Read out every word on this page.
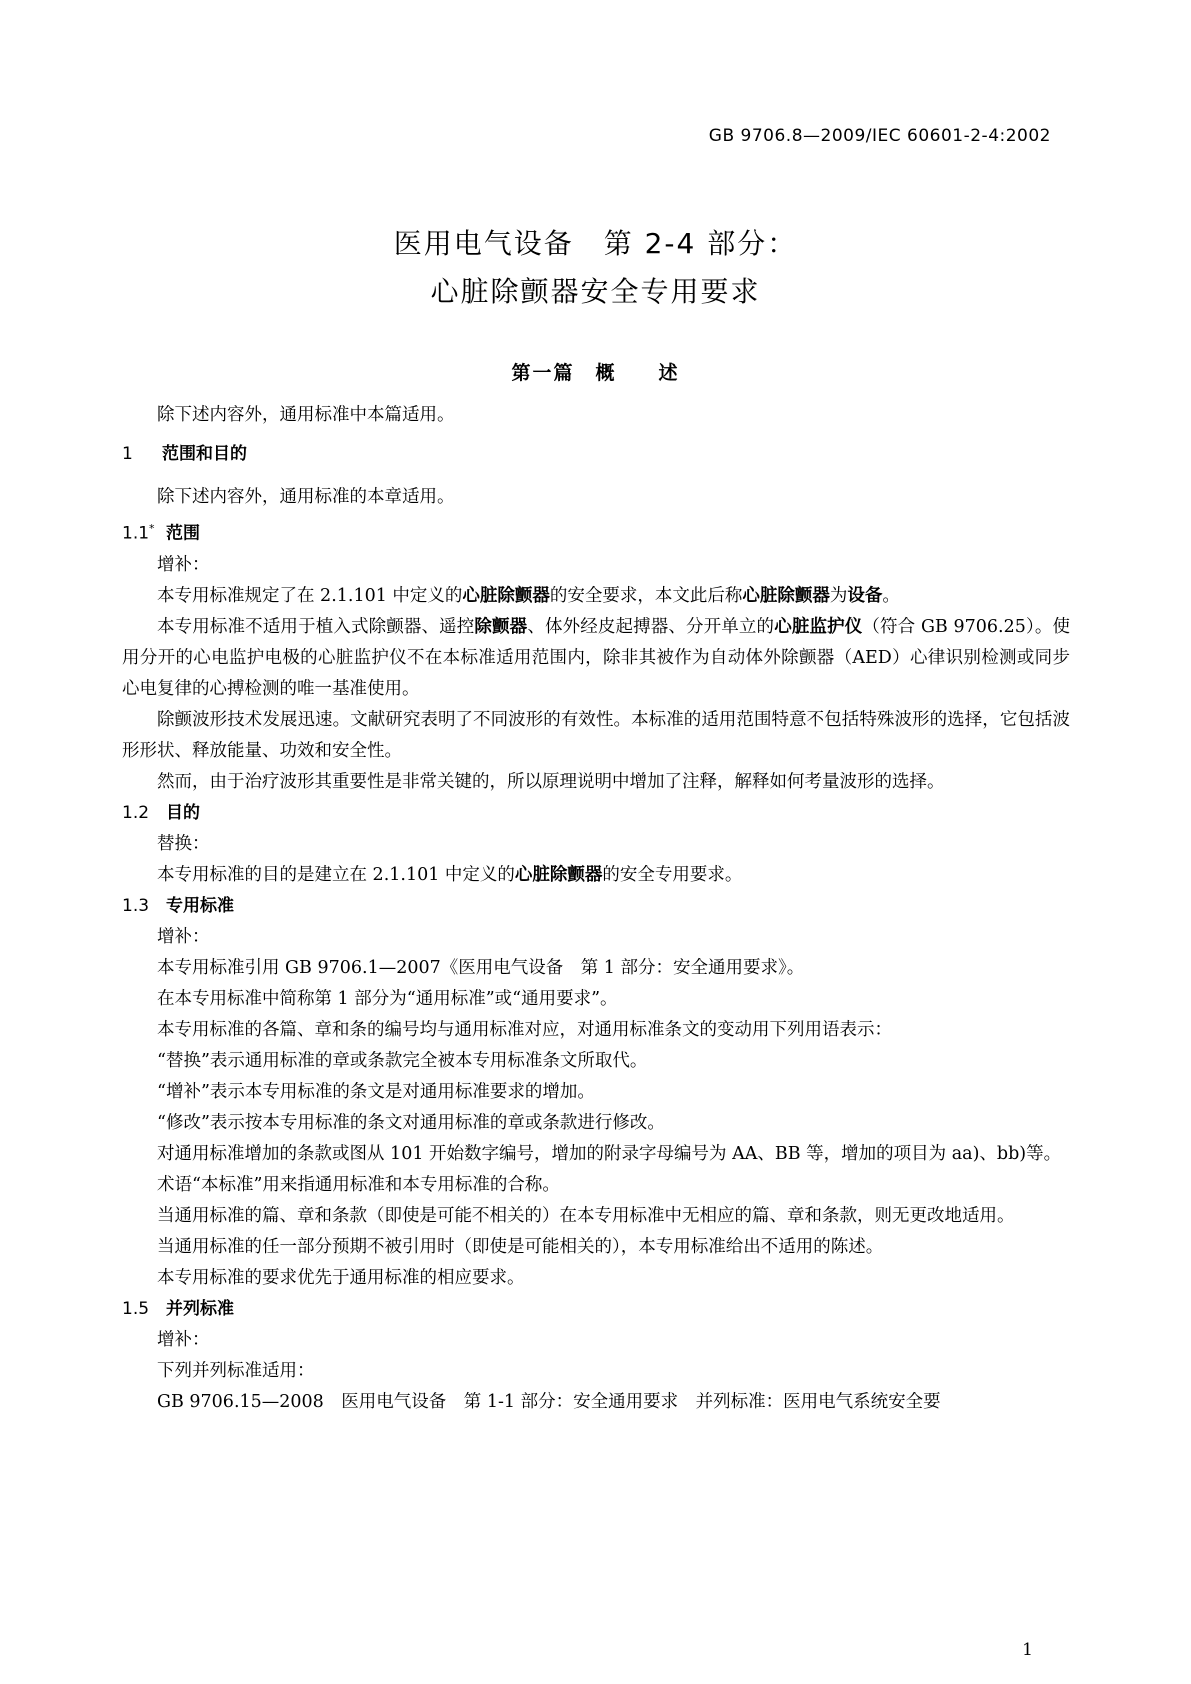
GB 9706.8—2009/IEC 60601-2-4:2002
医用电气设备　第 2-4 部分：
心脏除颤器安全专用要求
第一篇　概　　述

除下述内容外，通用标准中本篇适用。

1 范围和目的

除下述内容外，通用标准的本章适用。

1.1* 范围

增补：

本专用标准规定了在 2.1.101 中定义的心脏除颤器的安全要求，本文此后称心脏除颤器为设备。

本专用标准不适用于植入式除颤器、遥控除颤器、体外经皮起搏器、分开单立的心脏监护仪（符合 GB 9706.25）。使用分开的心电监护电极的心脏监护仪不在本标准适用范围内，除非其被作为自动体外除颤器（AED）心律识别检测或同步心电复律的心搏检测的唯一基准使用。

除颤波形技术发展迅速。文献研究表明了不同波形的有效性。本标准的适用范围特意不包括特殊波形的选择，它包括波形形状、释放能量、功效和安全性。

然而，由于治疗波形其重要性是非常关键的，所以原理说明中增加了注释，解释如何考量波形的选择。

1.2 目的

替换：

本专用标准的目的是建立在 2.1.101 中定义的心脏除颤器的安全专用要求。

1.3 专用标准

增补：

本专用标准引用 GB 9706.1—2007《医用电气设备　第 1 部分：安全通用要求》。

在本专用标准中简称第 1 部分为“通用标准”或“通用要求”。

本专用标准的各篇、章和条的编号均与通用标准对应，对通用标准条文的变动用下列用语表示：

“替换”表示通用标准的章或条款完全被本专用标准条文所取代。

“增补”表示本专用标准的条文是对通用标准要求的增加。

“修改”表示按本专用标准的条文对通用标准的章或条款进行修改。

对通用标准增加的条款或图从 101 开始数字编号，增加的附录字母编号为 AA、BB 等，增加的项目为 aa)、bb)等。

术语“本标准”用来指通用标准和本专用标准的合称。

当通用标准的篇、章和条款（即使是可能不相关的）在本专用标准中无相应的篇、章和条款，则无更改地适用。

当通用标准的任一部分预期不被引用时（即使是可能相关的），本专用标准给出不适用的陈述。

本专用标准的要求优先于通用标准的相应要求。

1.5 并列标准

增补：

下列并列标准适用：

GB 9706.15—2008　医用电气设备　第 1-1 部分：安全通用要求　并列标准：医用电气系统安全要

1
